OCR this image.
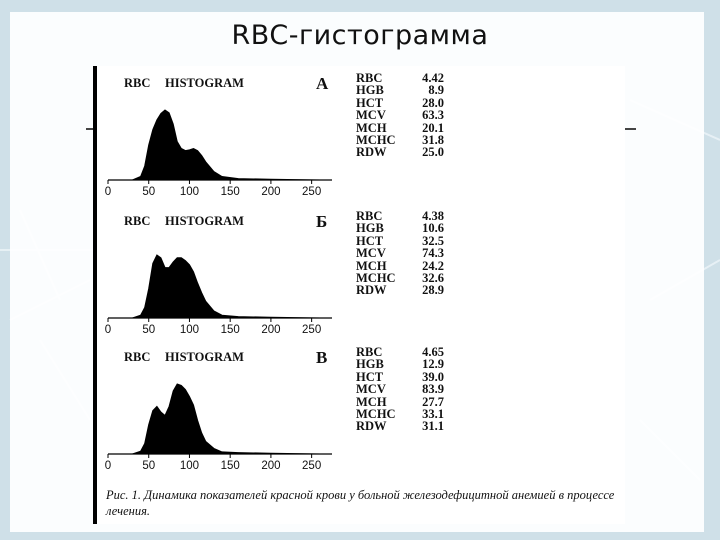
RBC-гистограмма
RBC HISTOGRAM	А
0	50 100 150 200 250
RBC HISTOGRAM	Б
0	50 100 150 200 250
RBC HISTOGRAM	В
0	50 100 150 200 250
RBC	4.42
HGB	8.9
HCT	28.0
MCV	63.3
MCH	20.1
MCHC	31.8
RDW	25.0
RBC	4.38
HGB	10.6
HCT	32.5
MCV	74.3
MCH	24.2
MCHC	32.6
RDW	28.9
RBC	4.65
HGB	12.9
HCT	39.0
MCV	83.9
MCH	27.7
MCHC	33.1
RDW	31.1
Рис. 1. Динамика показателей красной крови у больной железодефицитной анемией в процессе лечения.
